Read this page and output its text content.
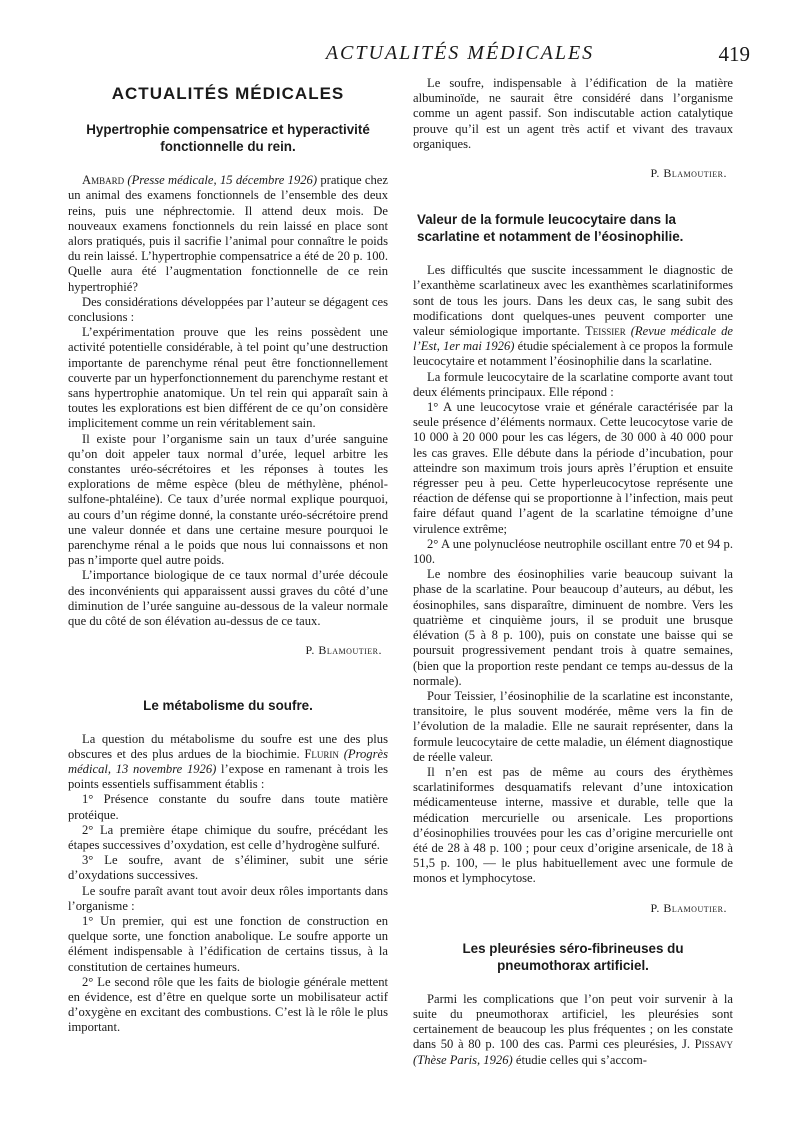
ACTUALITÉS MÉDICALES	419
ACTUALITÉS MÉDICALES
Hypertrophie compensatrice et hyperactivité fonctionnelle du rein.

Ambard (Presse médicale, 15 décembre 1926) pratique chez un animal des examens fonctionnels de l’ensemble des deux reins, puis une néphrectomie. Il attend deux mois. De nouveaux examens fonctionnels du rein laissé en place sont alors pratiqués, puis il sacrifie l’animal pour connaître le poids du rein laissé. L’hypertrophie compensatrice a été de 20 p. 100. Quelle aura été l’augmentation fonctionnelle de ce rein hypertrophié?

Des considérations développées par l’auteur se dégagent ces conclusions :

L’expérimentation prouve que les reins possèdent une activité potentielle considérable, à tel point qu’une destruction importante de parenchyme rénal peut être fonctionnellement couverte par un hyperfonctionnement du parenchyme restant et sans hypertrophie anatomique. Un tel rein qui apparaît sain à toutes les explorations est bien différent de ce qu’on considère implicitement comme un rein véritablement sain.

Il existe pour l’organisme sain un taux d’urée sanguine qu’on doit appeler taux normal d’urée, lequel arbitre les constantes uréo-sécrétoires et les réponses à toutes les explorations de même espèce (bleu de méthylène, phénol-sulfone-phtaléine). Ce taux d’urée normal explique pourquoi, au cours d’un régime donné, la constante uréo-sécrétoire prend une valeur donnée et dans une certaine mesure pourquoi le parenchyme rénal a le poids que nous lui connaissons et non pas n’importe quel autre poids.

L’importance biologique de ce taux normal d’urée découle des inconvénients qui apparaissent aussi graves du côté d’une diminution de l’urée sanguine au-dessous de la valeur normale que du côté de son élévation au-dessus de ce taux.

P. Blamoutier.
Le métabolisme du soufre.

La question du métabolisme du soufre est une des plus obscures et des plus ardues de la biochimie. Flurin (Progrès médical, 13 novembre 1926) l’expose en ramenant à trois les points essentiels suffisamment établis :

1° Présence constante du soufre dans toute matière protéique.

2° La première étape chimique du soufre, précédant les étapes successives d’oxydation, est celle d’hydrogène sulfuré.

3° Le soufre, avant de s’éliminer, subit une série d’oxydations successives.

Le soufre paraît avant tout avoir deux rôles importants dans l’organisme :

1° Un premier, qui est une fonction de construction en quelque sorte, une fonction anabolique. Le soufre apporte un élément indispensable à l’édification de certains tissus, à la constitution de certaines humeurs.

2° Le second rôle que les faits de biologie générale mettent en évidence, est d’être en quelque sorte un mobilisateur actif d’oxygène en excitant des combustions. C’est là le rôle le plus important.

Le soufre, indispensable à l’édification de la matière albuminoïde, ne saurait être considéré dans l’organisme comme un agent passif. Son indiscutable action catalytique prouve qu’il est un agent très actif et vivant des travaux organiques.

P. Blamoutier.
Valeur de la formule leucocytaire dans la scarlatine et notamment de l’éosinophilie.

Les difficultés que suscite incessamment le diagnostic de l’exanthème scarlatineux avec les exanthèmes scarlatiniformes sont de tous les jours. Dans les deux cas, le sang subit des modifications dont quelques-unes peuvent comporter une valeur sémiologique importante. Teissier (Revue médicale de l’Est, 1er mai 1926) étudie spécialement à ce propos la formule leucocytaire et notamment l’éosinophilie dans la scarlatine.

La formule leucocytaire de la scarlatine comporte avant tout deux éléments principaux. Elle répond :

1° A une leucocytose vraie et générale caractérisée par la seule présence d’éléments normaux. Cette leucocytose varie de 10 000 à 20 000 pour les cas légers, de 30 000 à 40 000 pour les cas graves. Elle débute dans la période d’incubation, pour atteindre son maximum trois jours après l’éruption et ensuite régresser peu à peu. Cette hyperleucocytose représente une réaction de défense qui se proportionne à l’infection, mais peut faire défaut quand l’agent de la scarlatine témoigne d’une virulence extrême;

2° A une polynucléose neutrophile oscillant entre 70 et 94 p. 100.

Le nombre des éosinophilies varie beaucoup suivant la phase de la scarlatine. Pour beaucoup d’auteurs, au début, les éosinophiles, sans disparaître, diminuent de nombre. Vers les quatrième et cinquième jours, il se produit une brusque élévation (5 à 8 p. 100), puis on constate une baisse qui se poursuit progressivement pendant trois à quatre semaines, (bien que la proportion reste pendant ce temps au-dessus de la normale).

Pour Teissier, l’éosinophilie de la scarlatine est inconstante, transitoire, le plus souvent modérée, même vers la fin de l’évolution de la maladie. Elle ne saurait représenter, dans la formule leucocytaire de cette maladie, un élément diagnostique de réelle valeur.

Il n’en est pas de même au cours des érythèmes scarlatiniformes desquamatifs relevant d’une intoxication médicamenteuse interne, massive et durable, telle que la médication mercurielle ou arsenicale. Les proportions d’éosinophilies trouvées pour les cas d’origine mercurielle ont été de 28 à 48 p. 100 ; pour ceux d’origine arsenicale, de 18 à 51,5 p. 100, — le plus habituellement avec une formule de monos et lymphocytose.

P. Blamoutier.
Les pleurésies séro-fibrineuses du pneumothorax artificiel.

Parmi les complications que l’on peut voir survenir à la suite du pneumothorax artificiel, les pleurésies sont certainement de beaucoup les plus fréquentes ; on les constate dans 50 à 80 p. 100 des cas. Parmi ces pleurésies, J. Pissavy (Thèse Paris, 1926) étudie celles qui s’accom-
